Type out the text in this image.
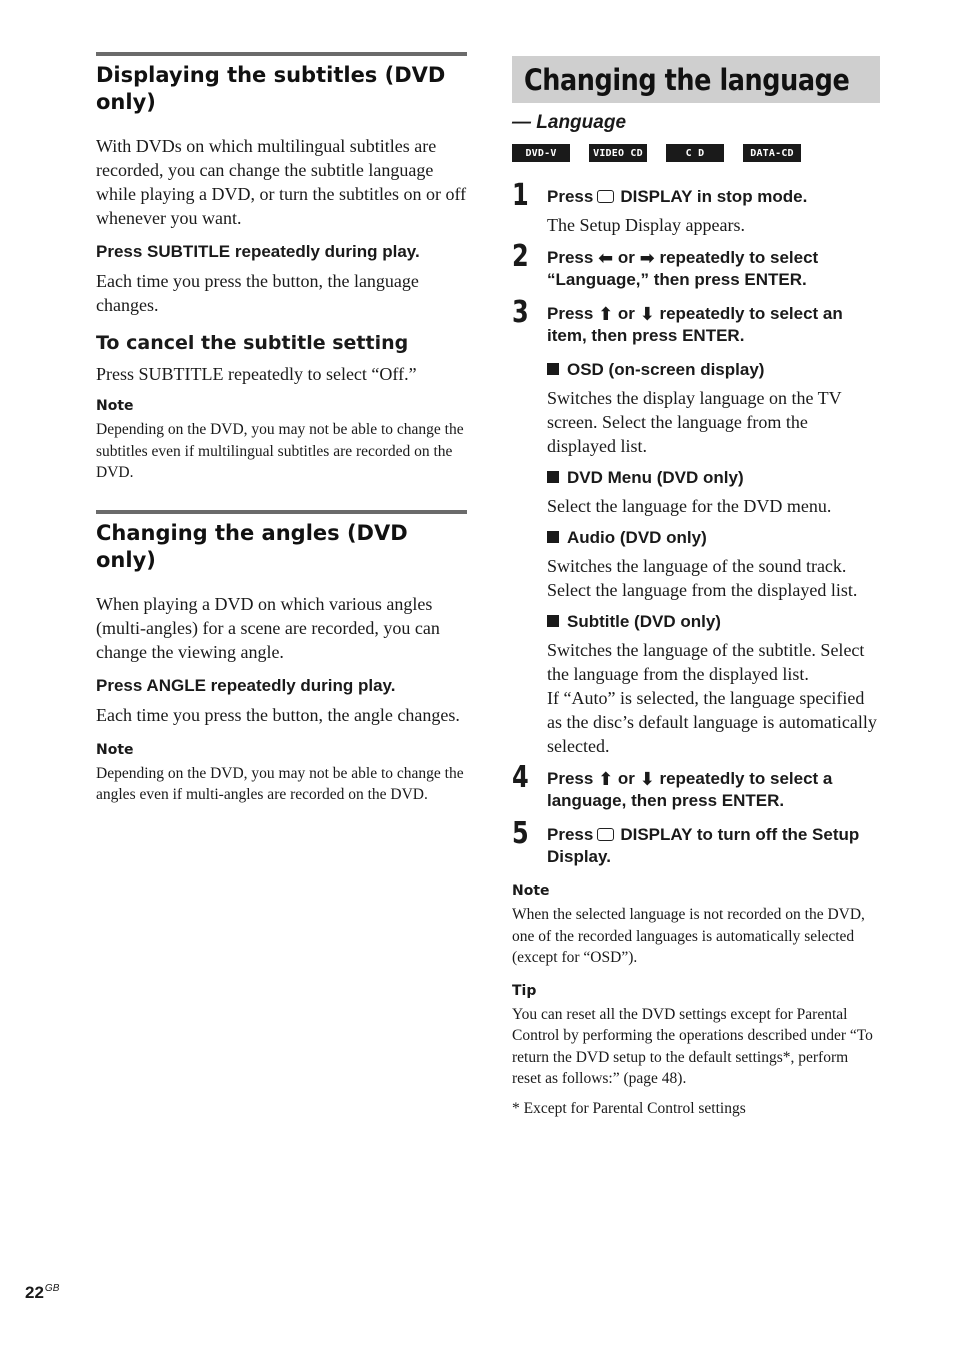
Displaying the subtitles (DVD only)

With DVDs on which multilingual subtitles are recorded, you can change the subtitle language while playing a DVD, or turn the subtitles on or off whenever you want.

Press SUBTITLE repeatedly during play.

Each time you press the button, the language changes.

To cancel the subtitle setting

Press SUBTITLE repeatedly to select “Off.”

Note

Depending on the DVD, you may not be able to change the subtitles even if multilingual subtitles are recorded on the DVD.

Changing the angles (DVD only)

When playing a DVD on which various angles (multi-angles) for a scene are recorded, you can change the viewing angle.

Press ANGLE repeatedly during play.

Each time you press the button, the angle changes.

Note

Depending on the DVD, you may not be able to change the angles even if multi-angles are recorded on the DVD.

Changing the language
— Language
DVD-V	VIDEO CD	C D	DATA-CD
1 Press DISPLAY in stop mode.

The Setup Display appears.

2 Press ⬅ or ➡ repeatedly to select “Language,” then press ENTER.

3 Press ⬆ or ⬇ repeatedly to select an item, then press ENTER.

OSD (on-screen display)

Switches the display language on the TV screen. Select the language from the displayed list.

DVD Menu (DVD only)

Select the language for the DVD menu.

Audio (DVD only)

Switches the language of the sound track. Select the language from the displayed list.

Subtitle (DVD only)

Switches the language of the subtitle. Select the language from the displayed list.

If “Auto” is selected, the language specified as the disc’s default language is automatically selected.

4 Press ⬆ or ⬇ repeatedly to select a language, then press ENTER.

5 Press DISPLAY to turn off the Setup Display.

Note

When the selected language is not recorded on the DVD, one of the recorded languages is automatically selected (except for “OSD”).

Tip

You can reset all the DVD settings except for Parental Control by performing the operations described under “To return the DVD setup to the default settings*, perform reset as follows:” (page 48).

* Except for Parental Control settings

$22^{GB}$
